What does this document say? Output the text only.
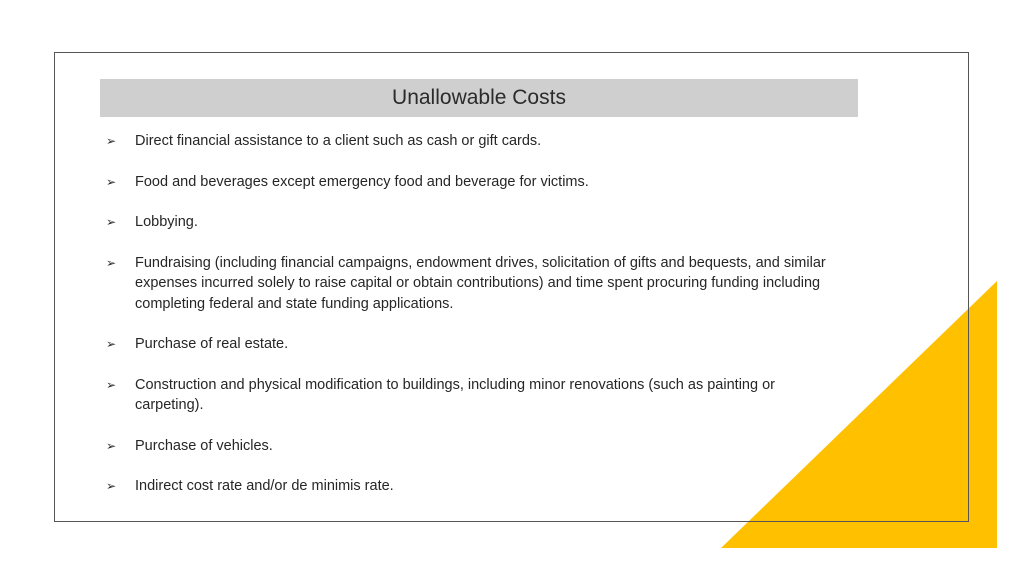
Unallowable Costs
➢	Direct financial assistance to a client such as cash or gift cards.
➢	Food and beverages except emergency food and beverage for victims.
➢	Lobbying.
➢	Fundraising (including financial campaigns, endowment drives, solicitation of gifts and bequests, and similar expenses incurred solely to raise capital or obtain contributions) and time spent procuring funding including completing federal and state funding applications.
➢	Purchase of real estate.
➢	Construction and physical modification to buildings, including minor renovations (such as painting or carpeting).
➢	Purchase of vehicles.
➢	Indirect cost rate and/or de minimis rate.
